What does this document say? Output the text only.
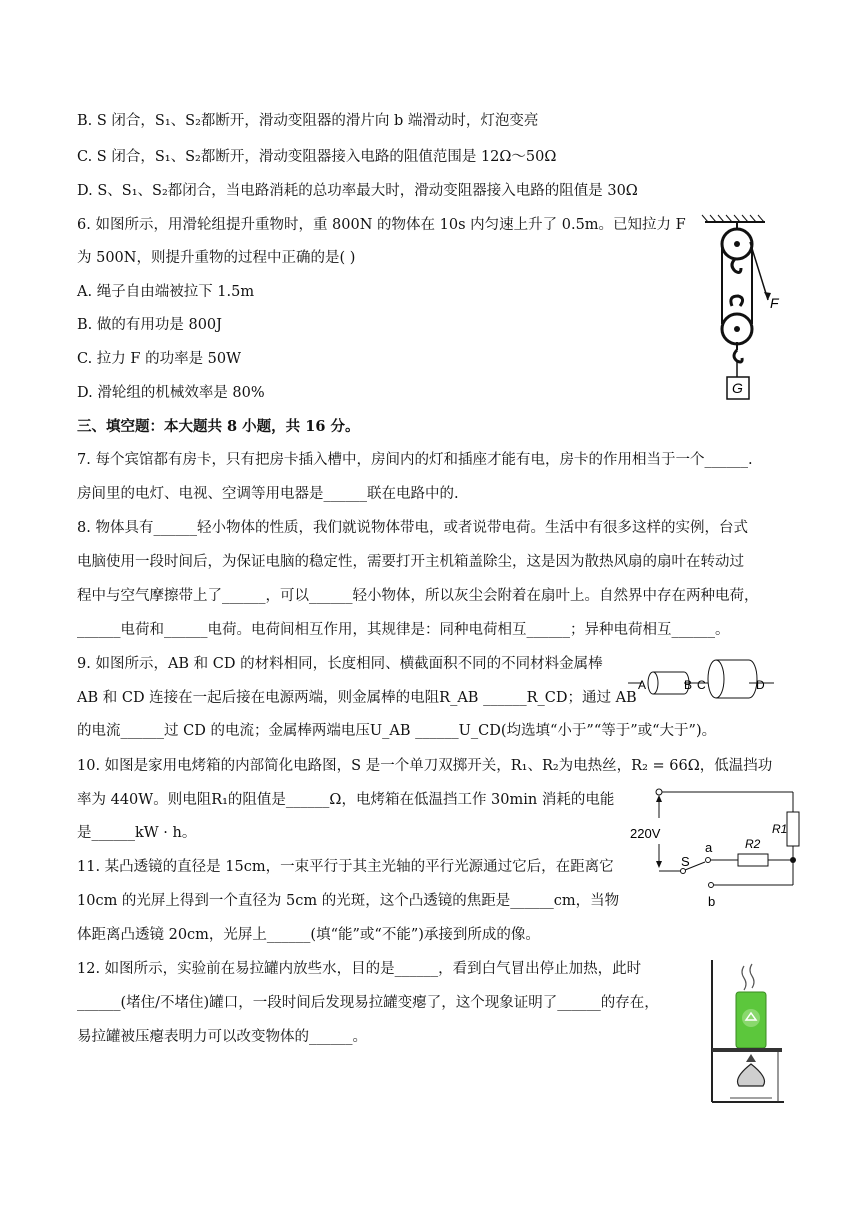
B. S 闭合，S₁、S₂都断开，滑动变阻器的滑片向 b 端滑动时，灯泡变亮
C. S 闭合，S₁、S₂都断开，滑动变阻器接入电路的阻值范围是 12Ω～50Ω
D. S、S₁、S₂都闭合，当电路消耗的总功率最大时，滑动变阻器接入电路的阻值是 30Ω
6. 如图所示，用滑轮组提升重物时，重 800N 的物体在 10s 内匀速上升了 0.5m。已知拉力 F
为 500N，则提升重物的过程中正确的是( )
A. 绳子自由端被拉下 1.5m
B. 做的有用功是 800J
C. 拉力 F 的功率是 50W
D. 滑轮组的机械效率是 80%
三、填空题：本大题共 8 小题，共 16 分。
7. 每个宾馆都有房卡，只有把房卡插入槽中，房间内的灯和插座才能有电，房卡的作用相当于一个______.
房间里的电灯、电视、空调等用电器是______联在电路中的.
8. 物体具有______轻小物体的性质，我们就说物体带电，或者说带电荷。生活中有很多这样的实例，台式
电脑使用一段时间后，为保证电脑的稳定性，需要打开主机箱盖除尘，这是因为散热风扇的扇叶在转动过
程中与空气摩擦带上了______，可以______轻小物体，所以灰尘会附着在扇叶上。自然界中存在两种电荷，
______电荷和______电荷。电荷间相互作用，其规律是：同种电荷相互______；异种电荷相互______。
9. 如图所示，AB 和 CD 的材料相同，长度相同、横截面积不同的不同材料金属棒
AB 和 CD 连接在一起后接在电源两端，则金属棒的电阻R_AB ______R_CD；通过 AB
的电流______过 CD 的电流；金属棒两端电压U_AB ______U_CD(均选填“小于”“等于”或“大于”)。
10. 如图是家用电烤箱的内部简化电路图，S 是一个单刀双掷开关，R₁、R₂为电热丝，R₂ = 66Ω，低温挡功
率为 440W。则电阻R₁的阻值是______Ω，电烤箱在低温挡工作 30min 消耗的电能
是______kW · h。
11. 某凸透镜的直径是 15cm，一束平行于其主光轴的平行光源通过它后，在距离它
10cm 的光屏上得到一个直径为 5cm 的光斑，这个凸透镜的焦距是______cm，当物
体距离凸透镜 20cm，光屏上______(填“能”或“不能”)承接到所成的像。
12. 如图所示，实验前在易拉罐内放些水，目的是______，看到白气冒出停止加热，此时
______(堵住/不堵住)罐口，一段时间后发现易拉罐变瘪了，这个现象证明了______的存在，
易拉罐被压瘪表明力可以改变物体的______。
F
G
A	B C	D
R1
220V
S
a	R2
b
